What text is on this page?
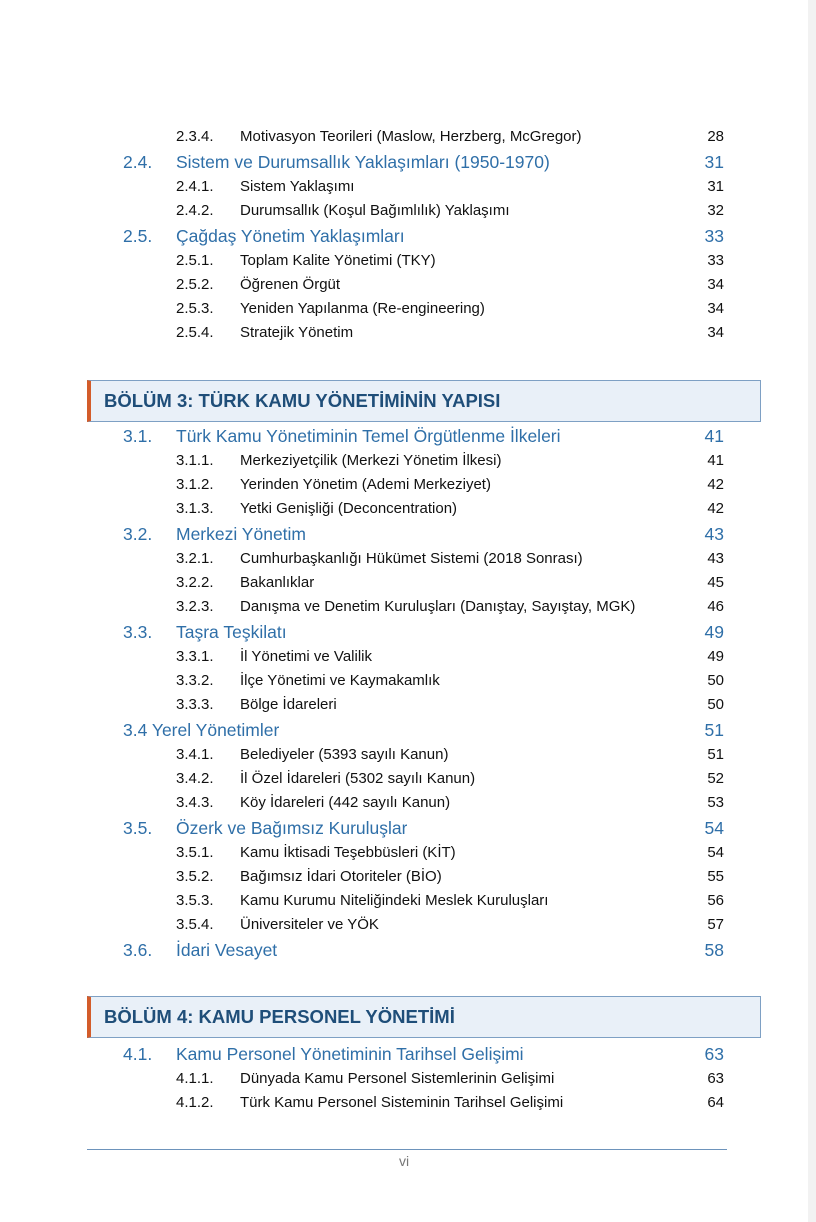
2.3.4.	Motivasyon Teorileri (Maslow, Herzberg, McGregor)	28
2.4.	Sistem ve Durumsallık Yaklaşımları (1950-1970)	31
2.4.1.	Sistem Yaklaşımı	31
2.4.2.	Durumsallık (Koşul Bağımlılık) Yaklaşımı	32
2.5.	Çağdaş Yönetim Yaklaşımları	33
2.5.1.	Toplam Kalite Yönetimi (TKY)	33
2.5.2.	Öğrenen Örgüt	34
2.5.3.	Yeniden Yapılanma (Re-engineering)	34
2.5.4.	Stratejik Yönetim	34
BÖLÜM 3: TÜRK KAMU YÖNETİMİNİN YAPISI
3.1.	Türk Kamu Yönetiminin Temel Örgütlenme İlkeleri	41
3.1.1.	Merkeziyetçilik (Merkezi Yönetim İlkesi)	41
3.1.2.	Yerinden Yönetim (Ademi Merkeziyet)	42
3.1.3.	Yetki Genişliği (Deconcentration)	42
3.2.	Merkezi Yönetim	43
3.2.1.	Cumhurbaşkanlığı Hükümet Sistemi (2018 Sonrası)	43
3.2.2.	Bakanlıklar	45
3.2.3.	Danışma ve Denetim Kuruluşları (Danıştay, Sayıştay, MGK)	46
3.3.	Taşra Teşkilatı	49
3.3.1.	İl Yönetimi ve Valilik	49
3.3.2.	İlçe Yönetimi ve Kaymakamlık	50
3.3.3.	Bölge İdareleri	50
3.4 Yerel Yönetimler	51
3.4.1.	Belediyeler (5393 sayılı Kanun)	51
3.4.2.	İl Özel İdareleri (5302 sayılı Kanun)	52
3.4.3.	Köy İdareleri (442 sayılı Kanun)	53
3.5.	Özerk ve Bağımsız Kuruluşlar	54
3.5.1.	Kamu İktisadi Teşebbüsleri (KİT)	54
3.5.2.	Bağımsız İdari Otoriteler (BİO)	55
3.5.3.	Kamu Kurumu Niteliğindeki Meslek Kuruluşları	56
3.5.4.	Üniversiteler ve YÖK	57
3.6.	İdari Vesayet	58
BÖLÜM 4: KAMU PERSONEL YÖNETİMİ
4.1.	Kamu Personel Yönetiminin Tarihsel Gelişimi	63
4.1.1.	Dünyada Kamu Personel Sistemlerinin Gelişimi	63
4.1.2.	Türk Kamu Personel Sisteminin Tarihsel Gelişimi	64
vi
